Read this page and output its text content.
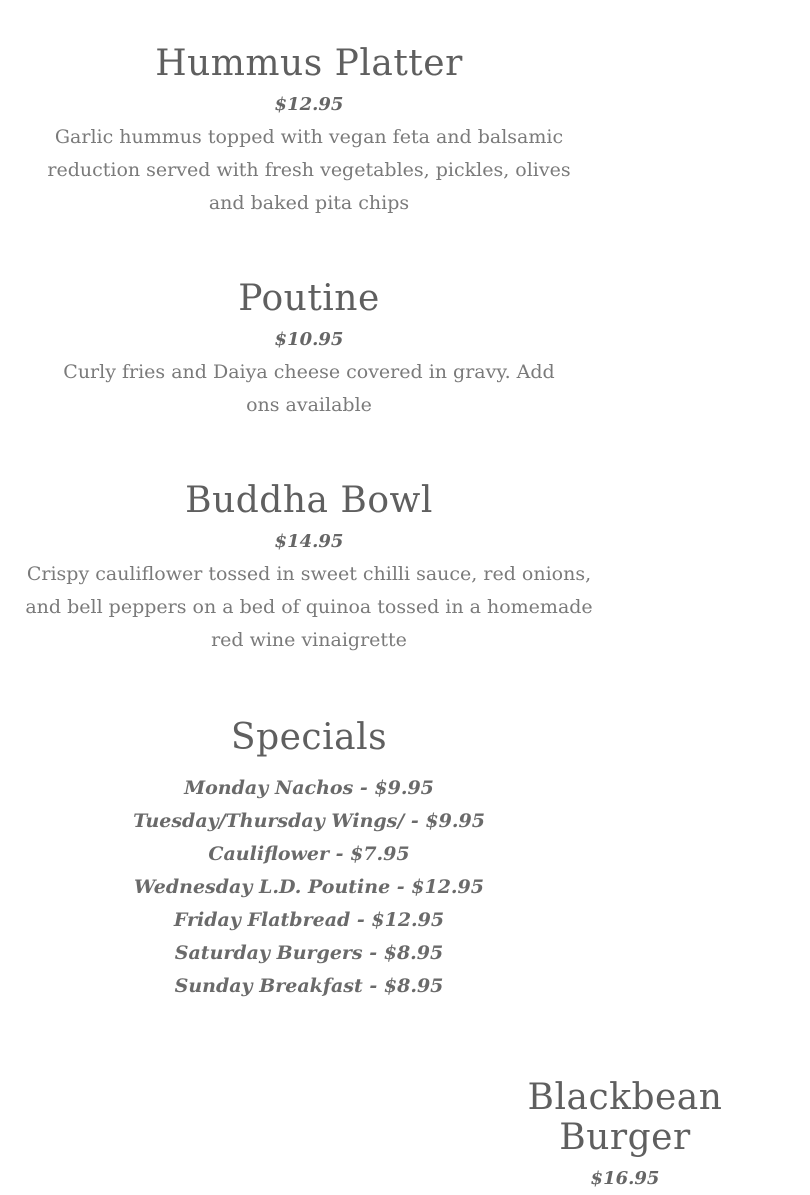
Hummus Platter
$12.95

Garlic hummus topped with vegan feta and balsamic reduction served with fresh vegetables, pickles, olives and baked pita chips

Poutine
$10.95

Curly fries and Daiya cheese covered in gravy. Add ons available

Buddha Bowl
$14.95

Crispy cauliflower tossed in sweet chilli sauce, red onions, and bell peppers on a bed of quinoa tossed in a homemade red wine vinaigrette

Specials
Monday Nachos - $9.95
Tuesday/Thursday Wings/ - $9.95
Cauliflower - $7.95
Wednesday L.D. Poutine - $12.95
Friday Flatbread - $12.95
Saturday Burgers - $8.95
Sunday Breakfast - $8.95
Blackbean Burger
$16.95
